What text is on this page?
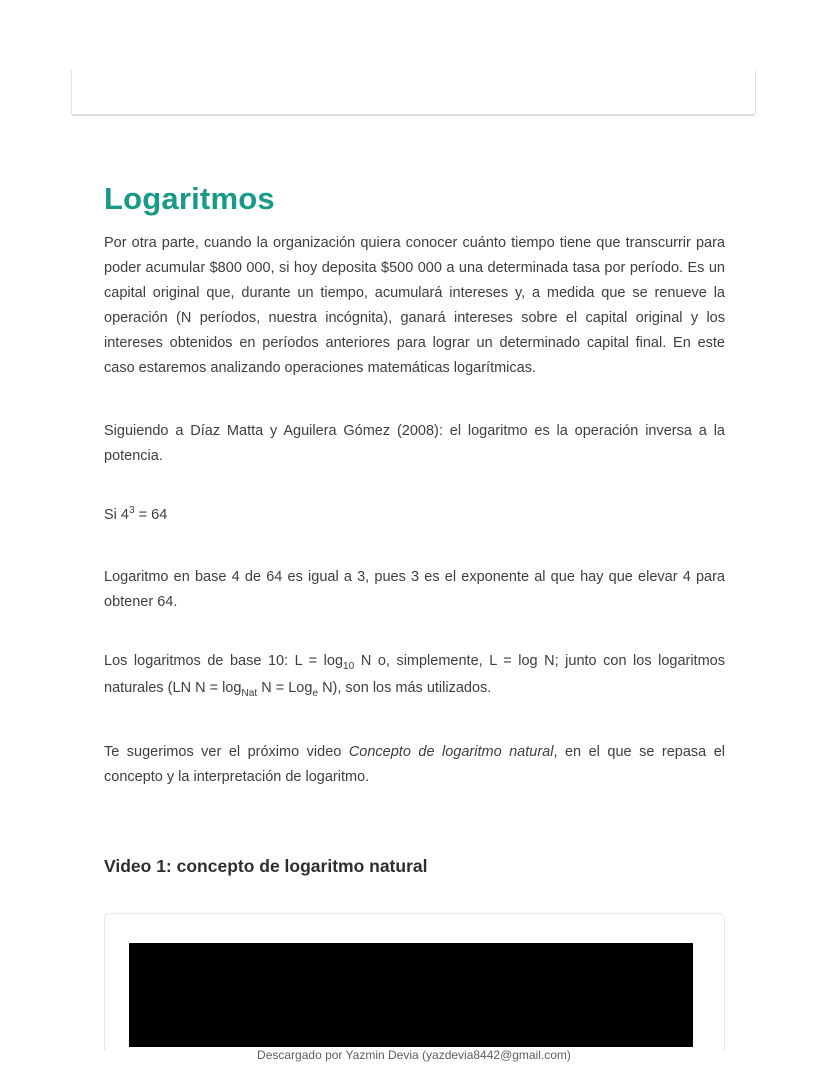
Logaritmos

Por otra parte, cuando la organización quiera conocer cuánto tiempo tiene que transcurrir para poder acumular $800 000, si hoy deposita $500 000 a una determinada tasa por período. Es un capital original que, durante un tiempo, acumulará intereses y, a medida que se renueve la operación (N períodos, nuestra incógnita), ganará intereses sobre el capital original y los intereses obtenidos en períodos anteriores para lograr un determinado capital final. En este caso estaremos analizando operaciones matemáticas logarítmicas.

Siguiendo a Díaz Matta y Aguilera Gómez (2008): el logaritmo es la operación inversa a la potencia.

Si $4^3 = 64$

Logaritmo en base 4 de 64 es igual a 3, pues 3 es el exponente al que hay que elevar 4 para obtener 64.

Los logaritmos de base 10: $L = \log_{10} N$ o, simplemente, L = log N; junto con los logaritmos naturales (LN $N = \log_{Nat} N = Log_e$ N), son los más utilizados.

Te sugerimos ver el próximo video Concepto de logaritmo natural, en el que se repasa el concepto y la interpretación de logaritmo.

Video 1: concepto de logaritmo natural
Descargado por Yazmin Devia (yazdevia8442@gmail.com)
